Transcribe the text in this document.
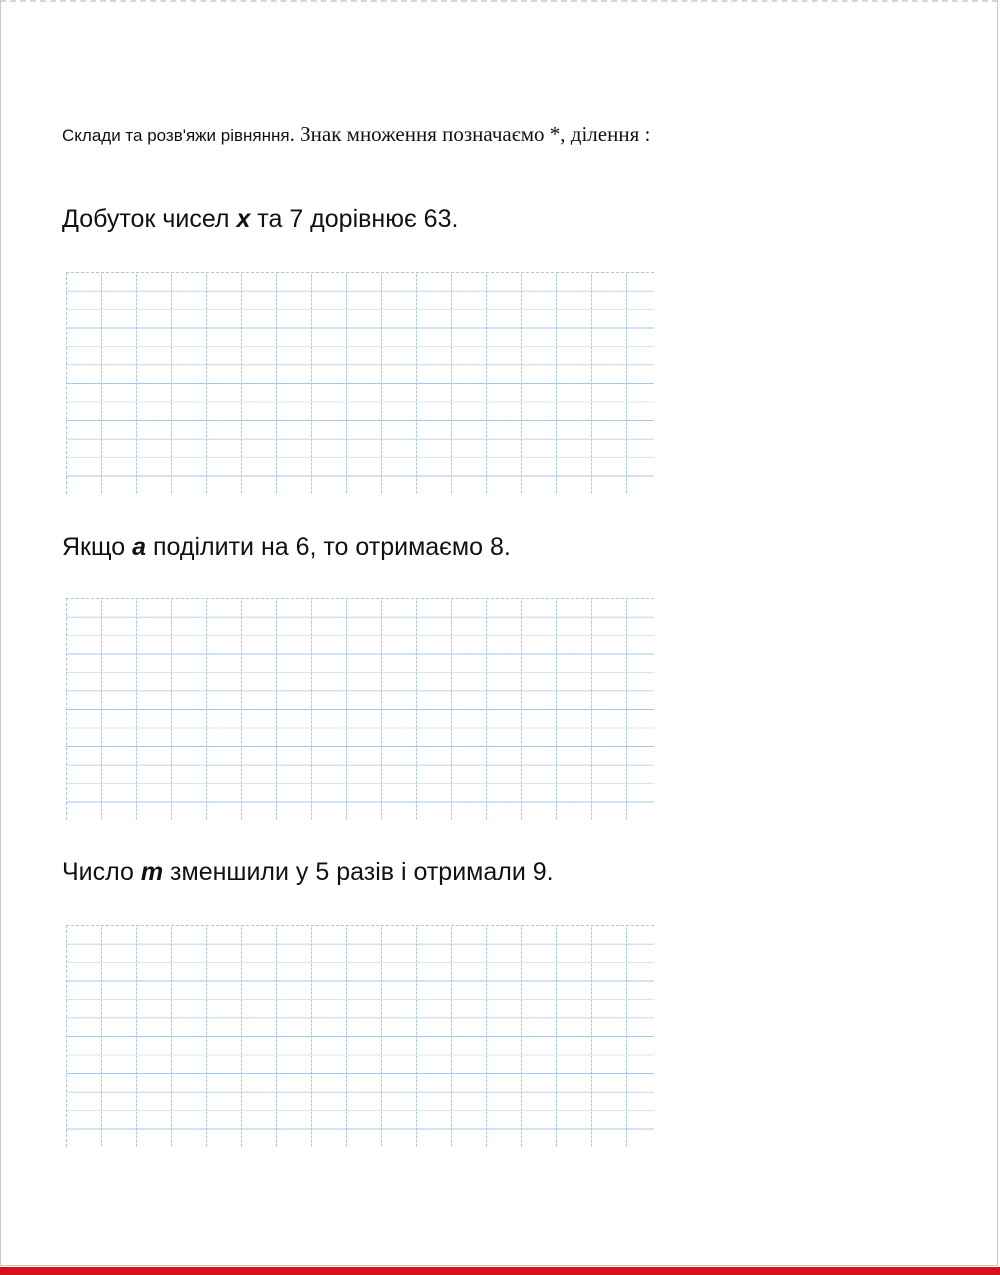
Склади та розв'яжи рівняння. Знак множення позначаємо *, ділення :
Добуток чисел x та 7 дорівнює 63.
Якщо a поділити на 6, то отримаємо 8.
Число m зменшили у 5 разів і отримали 9.
